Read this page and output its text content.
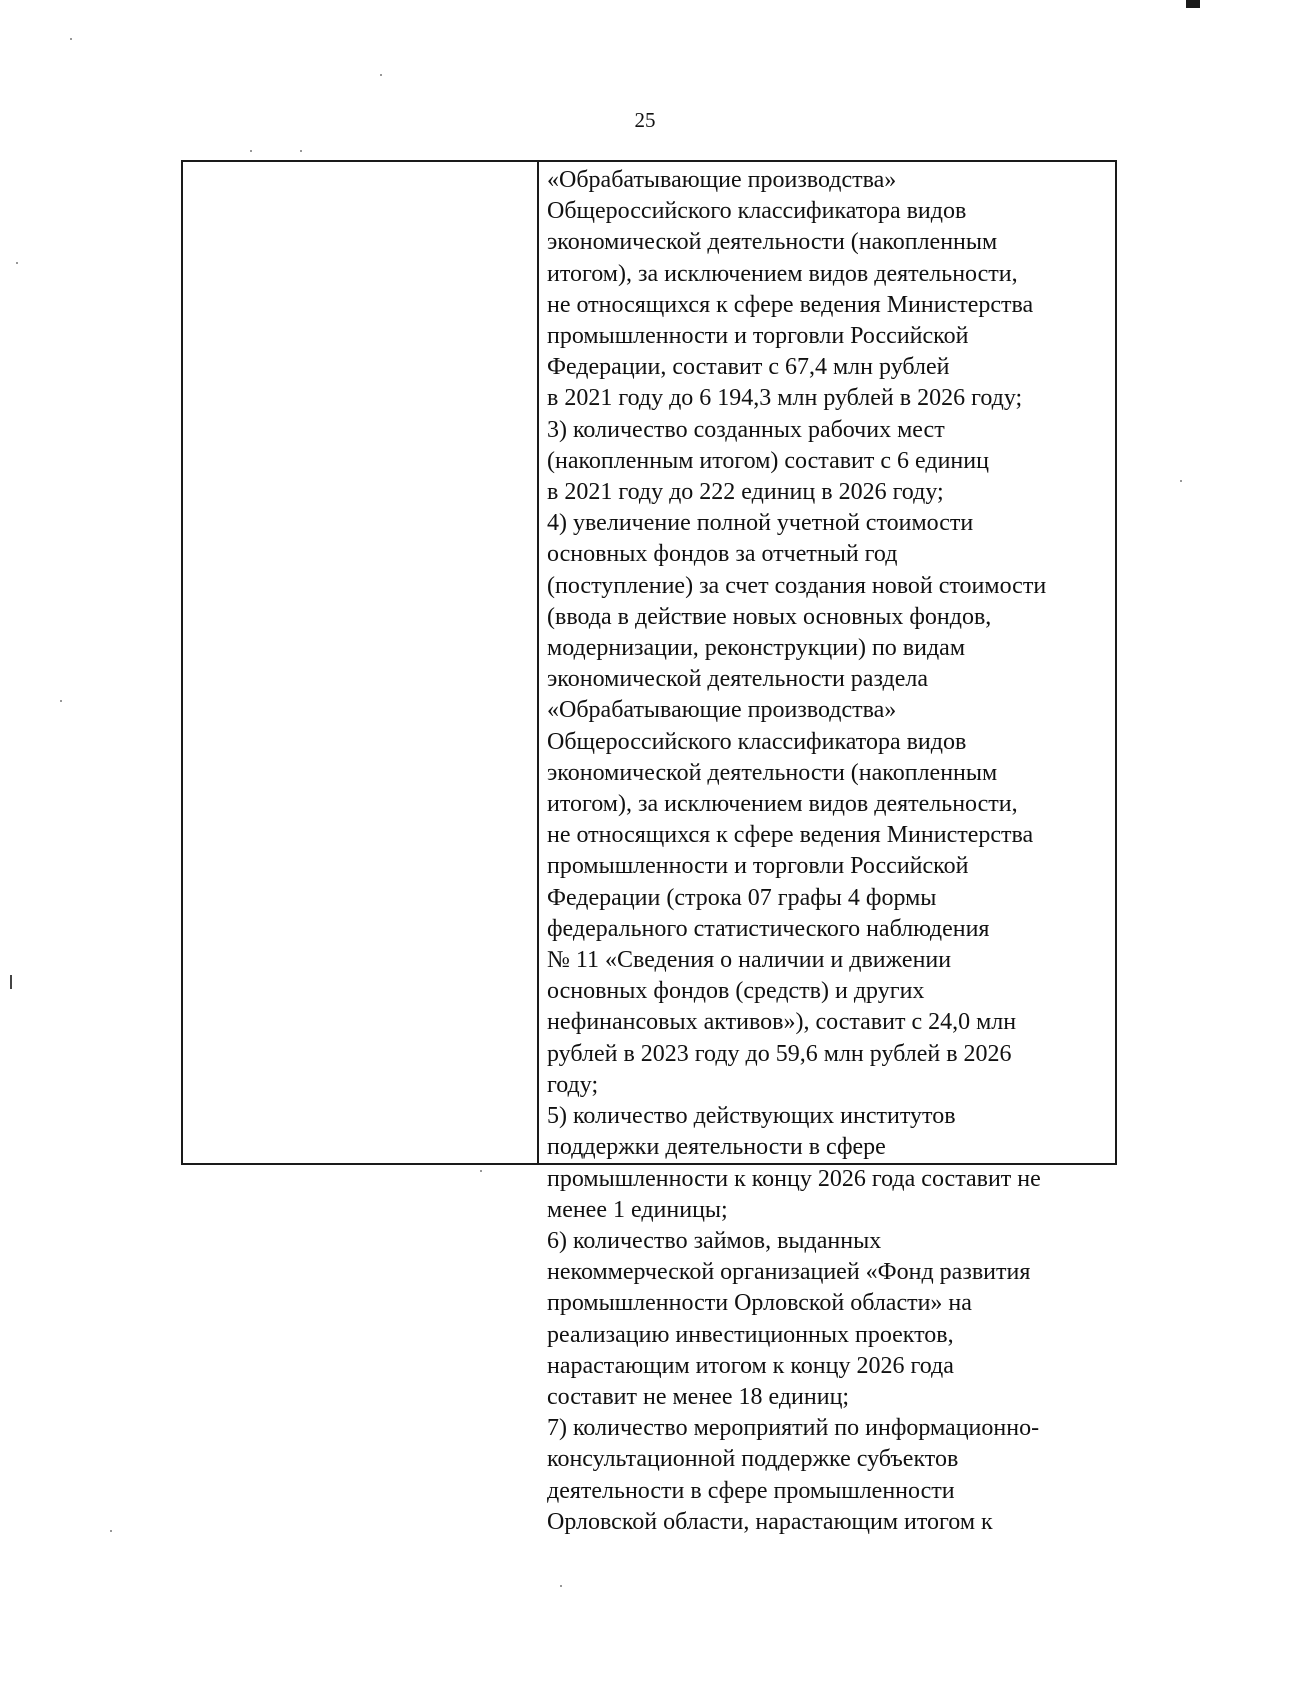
25
«Обрабатывающие производства»
Общероссийского классификатора видов
экономической деятельности (накопленным
итогом), за исключением видов деятельности,
не относящихся к сфере ведения Министерства
промышленности и торговли Российской
Федерации, составит с 67,4 млн рублей
в 2021 году до 6 194,3 млн рублей в 2026 году;
3) количество созданных рабочих мест
(накопленным итогом) составит с 6 единиц
в 2021 году до 222 единиц в 2026 году;
4) увеличение полной учетной стоимости
основных фондов за отчетный год
(поступление) за счет создания новой стоимости
(ввода в действие новых основных фондов,
модернизации, реконструкции) по видам
экономической деятельности раздела
«Обрабатывающие производства»
Общероссийского классификатора видов
экономической деятельности (накопленным
итогом), за исключением видов деятельности,
не относящихся к сфере ведения Министерства
промышленности и торговли Российской
Федерации (строка 07 графы 4 формы
федерального статистического наблюдения
№ 11 «Сведения о наличии и движении
основных фондов (средств) и других
нефинансовых активов»), составит с 24,0 млн
рублей в 2023 году до 59,6 млн рублей в 2026
году;
5) количество действующих институтов
поддержки деятельности в сфере
промышленности к концу 2026 года составит не
менее 1 единицы;
6) количество займов, выданных
некоммерческой организацией «Фонд развития
промышленности Орловской области» на
реализацию инвестиционных проектов,
нарастающим итогом к концу 2026 года
составит не менее 18 единиц;
7) количество мероприятий по информационно-
консультационной поддержке субъектов
деятельности в сфере промышленности
Орловской области, нарастающим итогом к
